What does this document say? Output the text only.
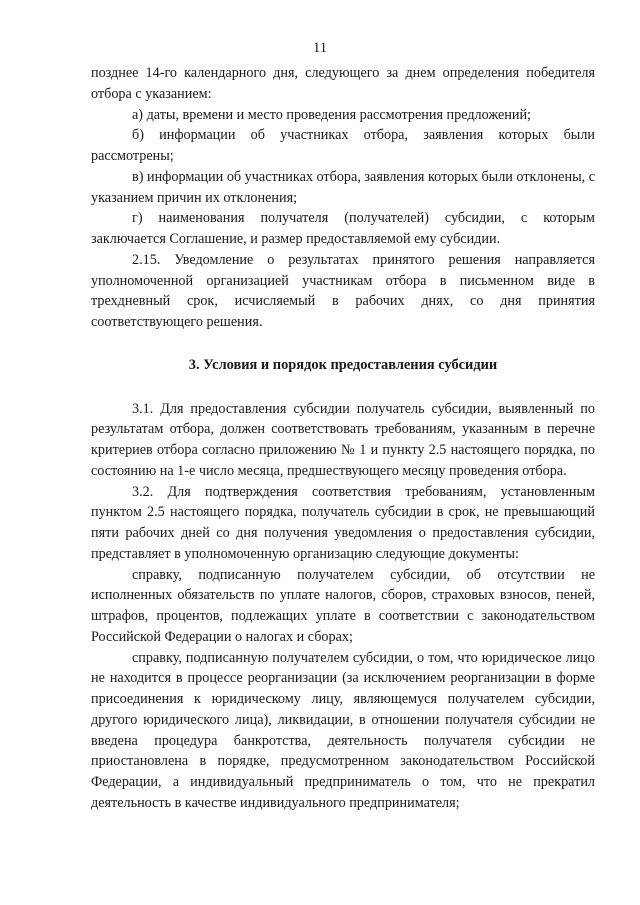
11

позднее 14-го календарного дня, следующего за днем определения победителя отбора с указанием:

а) даты, времени и место проведения рассмотрения предложений;

б) информации об участниках отбора, заявления которых были рассмотрены;

в) информации об участниках отбора, заявления которых были отклонены, с указанием причин их отклонения;

г) наименования получателя (получателей) субсидии, с которым заключается Соглашение, и размер предоставляемой ему субсидии.

2.15. Уведомление о результатах принятого решения направляется уполномоченной организацией участникам отбора в письменном виде в трехдневный срок, исчисляемый в рабочих днях, со дня принятия соответствующего решения.

3. Условия и порядок предоставления субсидии

3.1. Для предоставления субсидии получатель субсидии, выявленный по результатам отбора, должен соответствовать требованиям, указанным в перечне критериев отбора согласно приложению № 1 и пункту 2.5 настоящего порядка, по состоянию на 1-е число месяца, предшествующего месяцу проведения отбора.

3.2. Для подтверждения соответствия требованиям, установленным пунктом 2.5 настоящего порядка, получатель субсидии в срок, не превышающий пяти рабочих дней со дня получения уведомления о предоставления субсидии, представляет в уполномоченную организацию следующие документы:

справку, подписанную получателем субсидии, об отсутствии не исполненных обязательств по уплате налогов, сборов, страховых взносов, пеней, штрафов, процентов, подлежащих уплате в соответствии с законодательством Российской Федерации о налогах и сборах;

справку, подписанную получателем субсидии, о том, что юридическое лицо не находится в процессе реорганизации (за исключением реорганизации в форме присоединения к юридическому лицу, являющемуся получателем субсидии, другого юридического лица), ликвидации, в отношении получателя субсидии не введена процедура банкротства, деятельность получателя субсидии не приостановлена в порядке, предусмотренном законодательством Российской Федерации, а индивидуальный предприниматель о том, что не прекратил деятельность в качестве индивидуального предпринимателя;
